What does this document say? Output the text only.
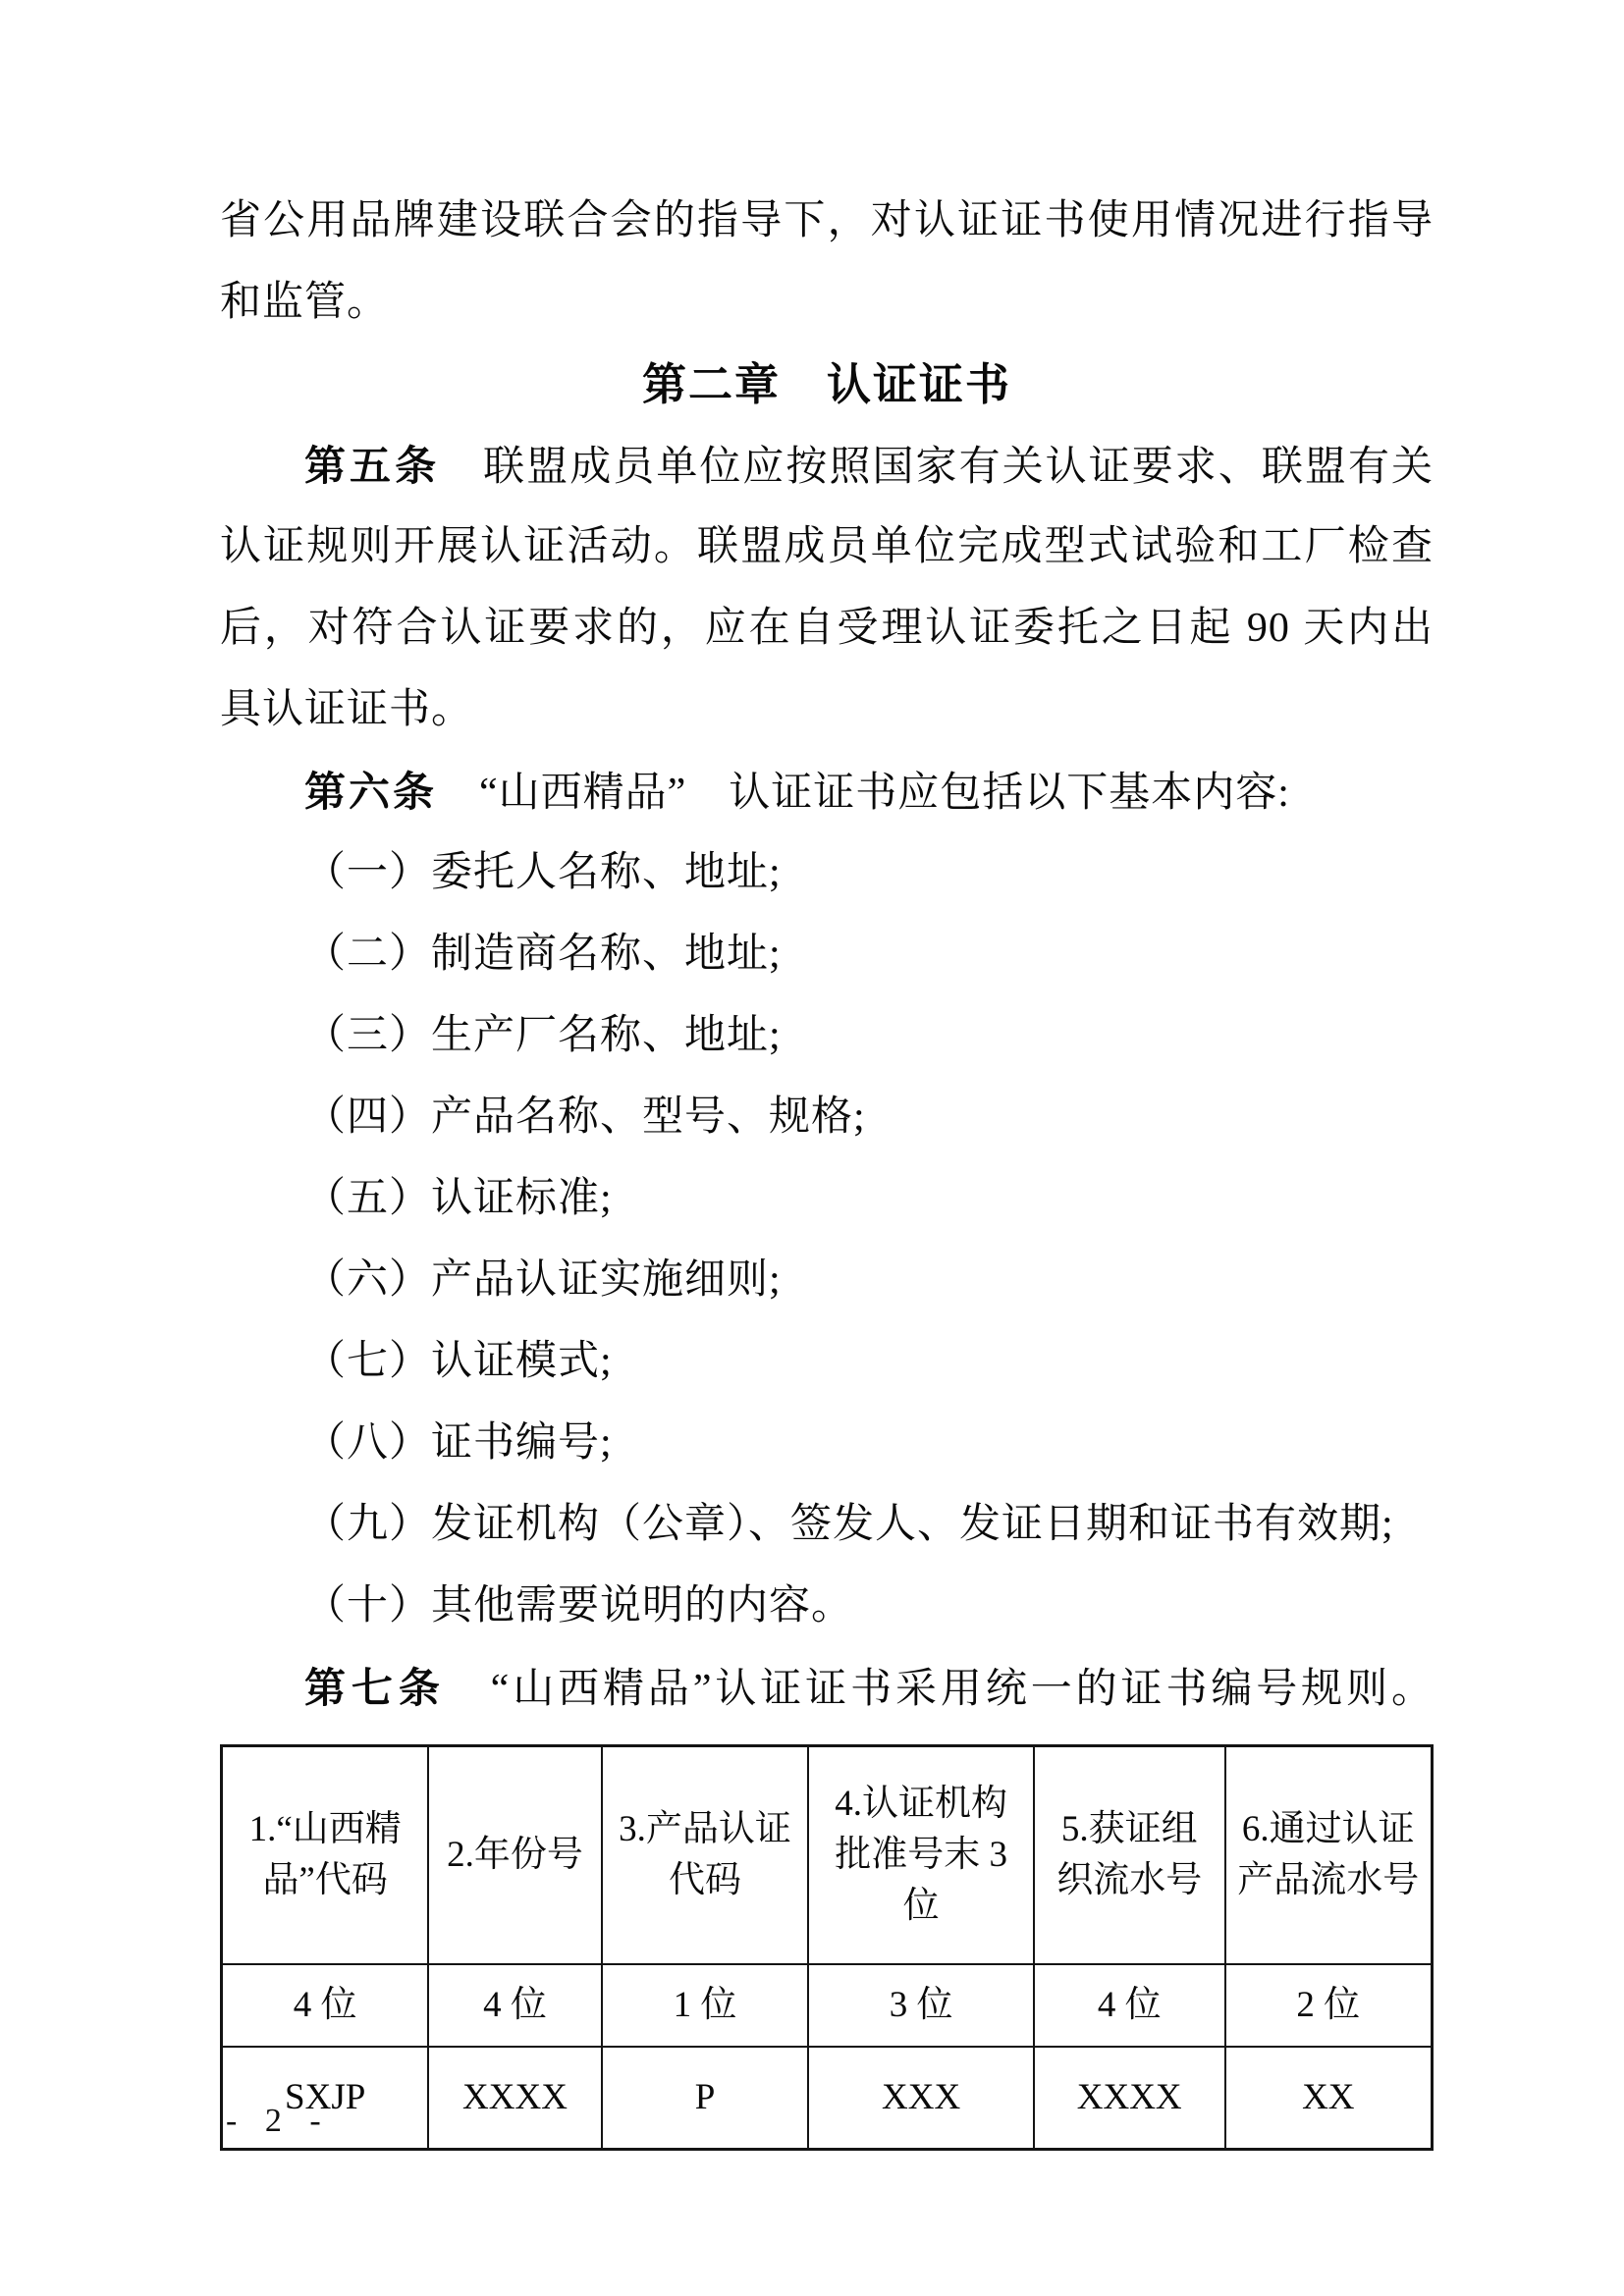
省公用品牌建设联合会的指导下，对认证证书使用情况进行指导
和监管。
第二章　认证证书
第五条　联盟成员单位应按照国家有关认证要求、联盟有关
认证规则开展认证活动。联盟成员单位完成型式试验和工厂检查
后，对符合认证要求的，应在自受理认证委托之日起 90 天内出
具认证证书。
第六条　“山西精品”　认证证书应包括以下基本内容:
（一）委托人名称、地址;
（二）制造商名称、地址;
（三）生产厂名称、地址;
（四）产品名称、型号、规格;
（五）认证标准;
（六）产品认证实施细则;
（七）认证模式;
（八）证书编号;
（九）发证机构（公章）、签发人、发证日期和证书有效期;
（十）其他需要说明的内容。
第七条　“山西精品”认证证书采用统一的证书编号规则。
1.“山西精品”代码	2.年份号	3.产品认证代码	4.认证机构批准号末 3 位	5.获证组织流水号	6.通过认证产品流水号
4 位	4 位	1 位	3 位	4 位	2 位
SXJP	XXXX	P	XXX	XXXX	XX
- 2 -
